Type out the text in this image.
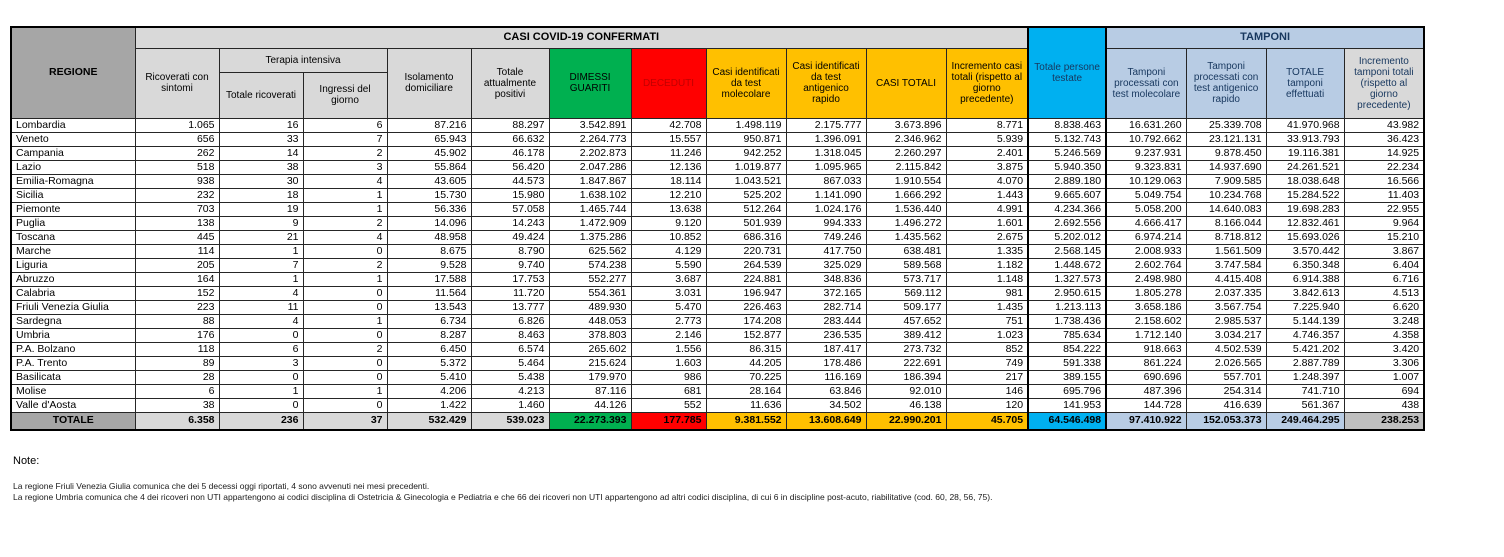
REGIONE	CASI COVID-19 CONFERMATI											Totale persone testate	TAMPONI			
	Ricoverati con sintomi	Terapia intensiva		Isolamento domiciliare	Totale attualmente positivi	DIMESSI GUARITI	DECEDUTI	Casi identificati da test molecolare	Casi identificati da test antigenico rapido	CASI TOTALI	Incremento casi totali (rispetto al giorno precedente)		Tamponi processati con test molecolare	Tamponi processati con test antigenico rapido	TOTALE tamponi effettuati	Incremento tamponi totali (rispetto al giorno precedente)
		Totale ricoverati	Ingressi del giorno													
Lombardia	1.065	16	6	87.216	88.297	3.542.891	42.708	1.498.119	2.175.777	3.673.896	8.771	8.838.463	16.631.260	25.339.708	41.970.968	43.982
Veneto	656	33	7	65.943	66.632	2.264.773	15.557	950.871	1.396.091	2.346.962	5.939	5.132.743	10.792.662	23.121.131	33.913.793	36.423
Campania	262	14	2	45.902	46.178	2.202.873	11.246	942.252	1.318.045	2.260.297	2.401	5.246.569	9.237.931	9.878.450	19.116.381	14.925
Lazio	518	38	3	55.864	56.420	2.047.286	12.136	1.019.877	1.095.965	2.115.842	3.875	5.940.350	9.323.831	14.937.690	24.261.521	22.234
Emilia-Romagna	938	30	4	43.605	44.573	1.847.867	18.114	1.043.521	867.033	1.910.554	4.070	2.889.180	10.129.063	7.909.585	18.038.648	16.566
Sicilia	232	18	1	15.730	15.980	1.638.102	12.210	525.202	1.141.090	1.666.292	1.443	9.665.607	5.049.754	10.234.768	15.284.522	11.403
Piemonte	703	19	1	56.336	57.058	1.465.744	13.638	512.264	1.024.176	1.536.440	4.991	4.234.366	5.058.200	14.640.083	19.698.283	22.955
Puglia	138	9	2	14.096	14.243	1.472.909	9.120	501.939	994.333	1.496.272	1.601	2.692.556	4.666.417	8.166.044	12.832.461	9.964
Toscana	445	21	4	48.958	49.424	1.375.286	10.852	686.316	749.246	1.435.562	2.675	5.202.012	6.974.214	8.718.812	15.693.026	15.210
Marche	114	1	0	8.675	8.790	625.562	4.129	220.731	417.750	638.481	1.335	2.568.145	2.008.933	1.561.509	3.570.442	3.867
Liguria	205	7	2	9.528	9.740	574.238	5.590	264.539	325.029	589.568	1.182	1.448.672	2.602.764	3.747.584	6.350.348	6.404
Abruzzo	164	1	1	17.588	17.753	552.277	3.687	224.881	348.836	573.717	1.148	1.327.573	2.498.980	4.415.408	6.914.388	6.716
Calabria	152	4	0	11.564	11.720	554.361	3.031	196.947	372.165	569.112	981	2.950.615	1.805.278	2.037.335	3.842.613	4.513
Friuli Venezia Giulia	223	11	0	13.543	13.777	489.930	5.470	226.463	282.714	509.177	1.435	1.213.113	3.658.186	3.567.754	7.225.940	6.620
Sardegna	88	4	1	6.734	6.826	448.053	2.773	174.208	283.444	457.652	751	1.738.436	2.158.602	2.985.537	5.144.139	3.248
Umbria	176	0	0	8.287	8.463	378.803	2.146	152.877	236.535	389.412	1.023	785.634	1.712.140	3.034.217	4.746.357	4.358
P.A. Bolzano	118	6	2	6.450	6.574	265.602	1.556	86.315	187.417	273.732	852	854.222	918.663	4.502.539	5.421.202	3.420
P.A. Trento	89	3	0	5.372	5.464	215.624	1.603	44.205	178.486	222.691	749	591.338	861.224	2.026.565	2.887.789	3.306
Basilicata	28	0	0	5.410	5.438	179.970	986	70.225	116.169	186.394	217	389.155	690.696	557.701	1.248.397	1.007
Molise	6	1	1	4.206	4.213	87.116	681	28.164	63.846	92.010	146	695.796	487.396	254.314	741.710	694
Valle d'Aosta	38	0	0	1.422	1.460	44.126	552	11.636	34.502	46.138	120	141.953	144.728	416.639	561.367	438
TOTALE	6.358	236	37	532.429	539.023	22.273.393	177.785	9.381.552	13.608.649	22.990.201	45.705	64.546.498	97.410.922	152.053.373	249.464.295	238.253

Note:

La regione Friuli Venezia Giulia comunica che dei 5 decessi oggi riportati, 4 sono avvenuti nei mesi precedenti.

La regione Umbria comunica che 4 dei ricoveri non UTI appartengono ai codici disciplina di Ostetricia & Ginecologia e Pediatria e che 66 dei ricoveri non UTI appartengono ad altri codici disciplina, di cui 6 in discipline post-acuto, riabilitative (cod. 60, 28, 56, 75).
